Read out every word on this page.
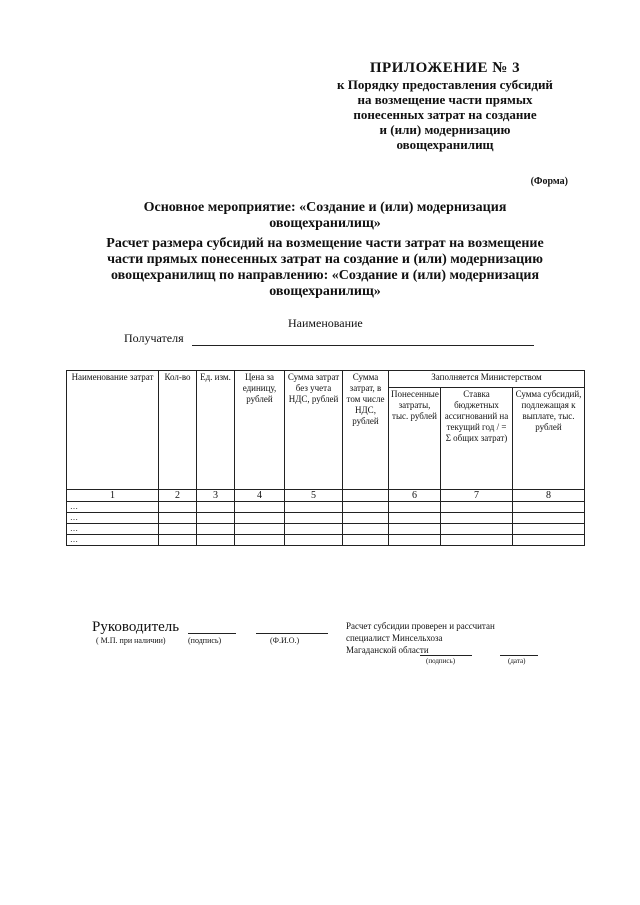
ПРИЛОЖЕНИЕ № 3
к Порядку предоставления субсидий
на возмещение части прямых
понесенных затрат на создание
и (или) модернизацию
овощехранилищ
(Форма)
Основное мероприятие: «Создание и (или) модернизация
овощехранилищ»
Расчет размера субсидий на возмещение части затрат на возмещение
части прямых понесенных затрат на создание и (или) модернизацию
овощехранилищ по направлению: «Создание и (или) модернизация
овощехранилищ»
Наименование
Получателя
Наименование затрат	Кол-во	Ед. изм.	Цена за единицу, рублей	Сумма затрат без учета НДС, рублей	Сумма затрат, в том числе НДС, рублей	Заполняется Министерством		
						Понесенные затраты, тыс. рублей	Ставка бюджетных ассигнований на текущий год / = Σ общих затрат)	Сумма субсидий, подлежащая к выплате, тыс. рублей
1	2	3	4	5		6	7	8
…								
…								
…								
…								
Руководитель
( М.П. при наличии)	(подпись)	(Ф.И.О.)
Расчет субсидии проверен и рассчитан
специалист Минсельхоза
Магаданской области
(подпись)	(дата)
